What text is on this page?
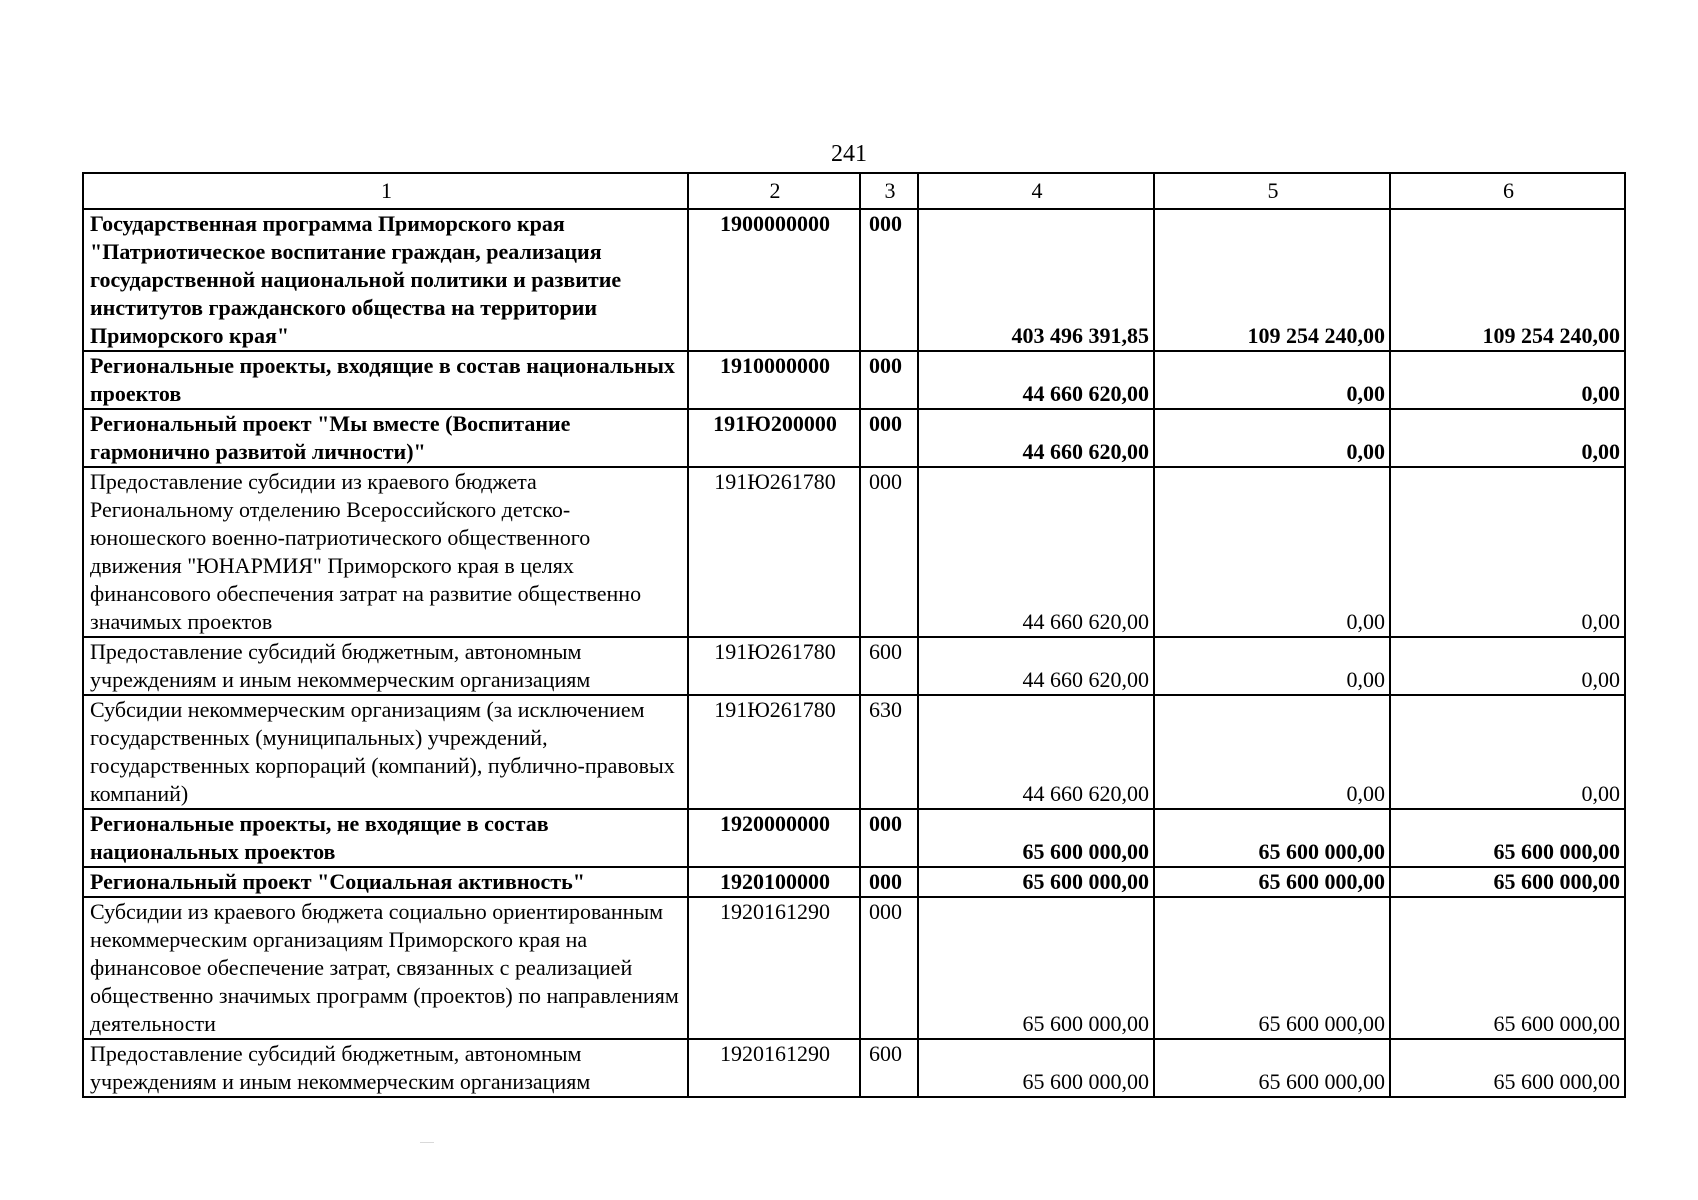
241
1	2	3	4	5	6
Государственная программа Приморского края "Патриотическое воспитание граждан, реализация государственной национальной политики и развитие институтов гражданского общества на территории Приморского края"	1900000000	000	403 496 391,85	109 254 240,00	109 254 240,00
Региональные проекты, входящие в состав национальных проектов	1910000000	000	44 660 620,00	0,00	0,00
Региональный проект "Мы вместе (Воспитание гармонично развитой личности)"	191Ю200000	000	44 660 620,00	0,00	0,00
Предоставление субсидии из краевого бюджета Региональному отделению Всероссийского детско-юношеского военно-патриотического общественного движения "ЮНАРМИЯ" Приморского края в целях финансового обеспечения затрат на развитие общественно значимых проектов	191Ю261780	000	44 660 620,00	0,00	0,00
Предоставление субсидий бюджетным, автономным учреждениям и иным некоммерческим организациям	191Ю261780	600	44 660 620,00	0,00	0,00
Субсидии некоммерческим организациям (за исключением государственных (муниципальных) учреждений, государственных корпораций (компаний), публично-правовых компаний)	191Ю261780	630	44 660 620,00	0,00	0,00
Региональные проекты, не входящие в состав национальных проектов	1920000000	000	65 600 000,00	65 600 000,00	65 600 000,00
Региональный проект "Социальная активность"	1920100000	000	65 600 000,00	65 600 000,00	65 600 000,00
Субсидии из краевого бюджета социально ориентированным некоммерческим организациям Приморского края на финансовое обеспечение затрат, связанных с реализацией общественно значимых программ (проектов) по направлениям деятельности	1920161290	000	65 600 000,00	65 600 000,00	65 600 000,00
Предоставление субсидий бюджетным, автономным учреждениям и иным некоммерческим организациям	1920161290	600	65 600 000,00	65 600 000,00	65 600 000,00
